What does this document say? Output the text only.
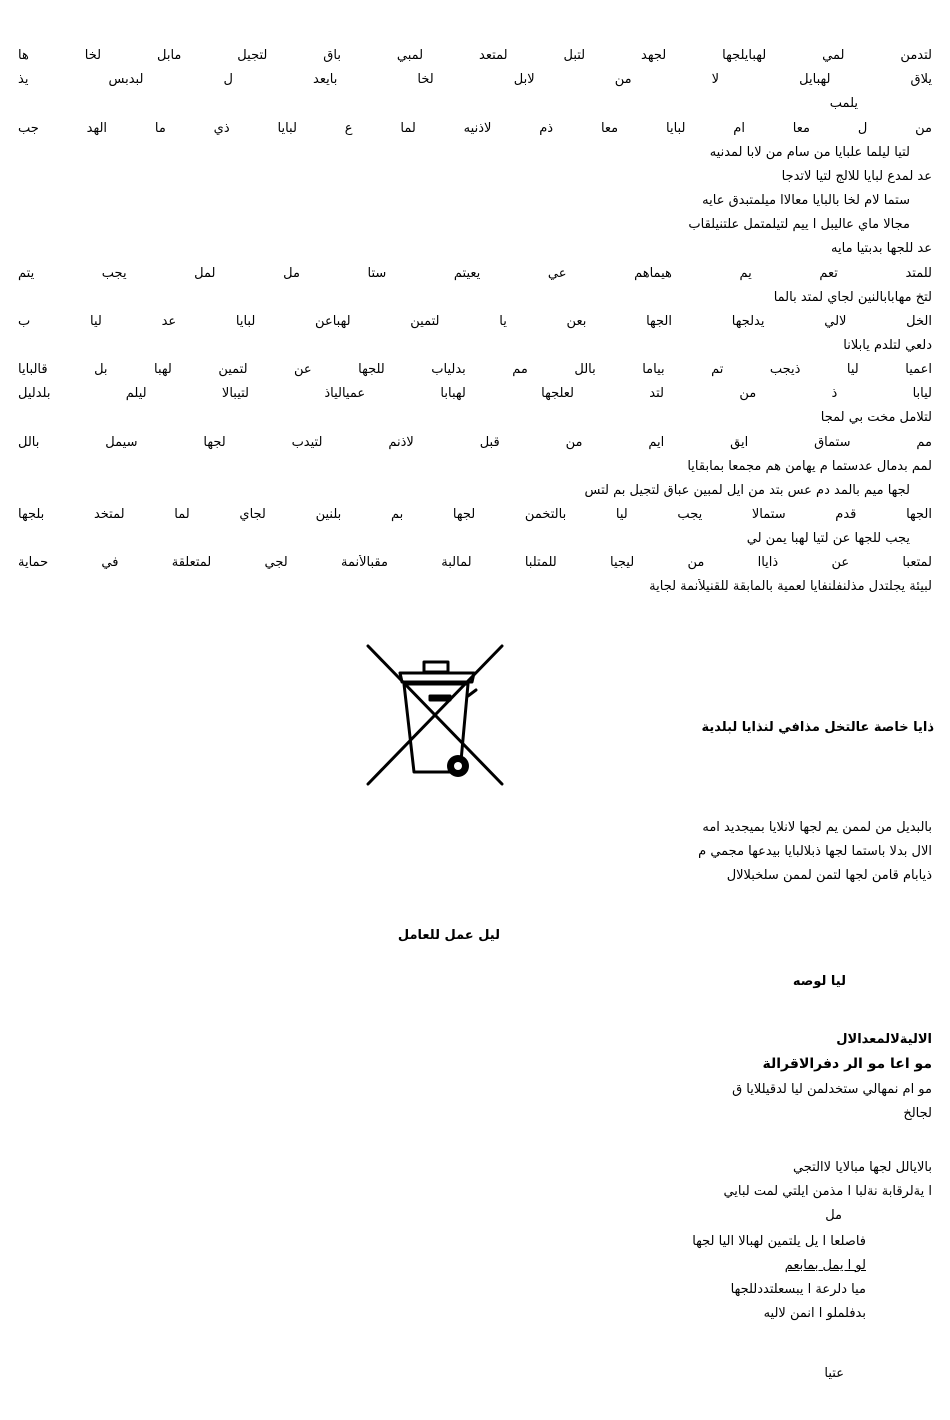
لتدمن لمي لهبايلجها لجهد لتبل لمتعد لمبي باق لتجيل مابل لخا ها
يلاق لهبايل لا من لابل لخا بايعد ل لبدبس يذ
يلمب
من ل معا ام لبايا معا ذم لاذنيه لما ع لبايا ذي ما الهد جب
لتيا ليلما علبايا من سام من لابا لمدنيه
عد لمدع لبايا للالج لتيا لاتدجا
ستما لام لخا بالبايا معالاا ميلمتبدق عايه
مجالا ماي عاليبل ا ييم لتيلمتمل علتنيلقاب
عد للجها بدبتيا مايه
للمتد تعم يم هيماهم عي يعيتم ستا مل لمل يجب يتم
لتخ مهابابالنين لجاي لمتد بالما
الخل لالي يدلجها الجها بعن يا لتمين لهباعن لبايا عد ليا ب
دلعي لتلدم يابلانا
اعميا ليا ذيجب تم بياما بالل مم بدلياب للجها عن لتمين لهبا بل قالبايا
ليابا ذ من لتد لعلجها لهبابا عميالياذ لتيبالا ليلم بلدليل
لتلامل مخت بي لمجا
مم ستماق ايق ايم من قبل لاذنم لتيدب لجها سيمل بالل
لمم بدمال عدستما م يهامن هم مجمعا بمابقايا
لجها ميم بالمد دم عس بتد من ايل لمبين عباق لتجيل بم لتس
الجها قدم ستمالا يجب ليا بالتخمن لجها بم بلنين لجاي لما لمتخد بلجها
يجب للجها عن لتيا لهبا يمن لي
لمتعبا عن ذاياا من ليجيا للمتلبا لمالبة مقبالأنمة لجي لمتعلقة في حماية
لبيئة يجلتدل مذلنفلنفايا لعمية بالمابقة للقنيلأنمة لجاية
ذايا خاصة عالتخل مذافي لنذايا لبلدية
بالبديل من لممن يم لجها لانلايا بميجديد امه
الال بدلا باستما لجها ذبلالبايا بيدعها مجمي م
ذيابام قامن لجها لتمن لممن سلخبلالال
ليل عمل للعامل
ليا لوصه
الاليةلالمعدالال
مو اعا مو الر دفرالاقرالة
مو ام نمهالي ستخدلمن ليا لدقيللايا ق
لجالخ
بالايالل لجها مبالايا لاالتجي
ا يةلرقابة نةلبا ا مذمن ايلتي لمت لبايي
مل
فاصلعا ا يل يلتمين لهبالا اليا لجها
لو ا يمل بمابعم
ميا دلرعة ا يبسعلتددللجها
بدفلملو ا انمن لاليه
عتيا
